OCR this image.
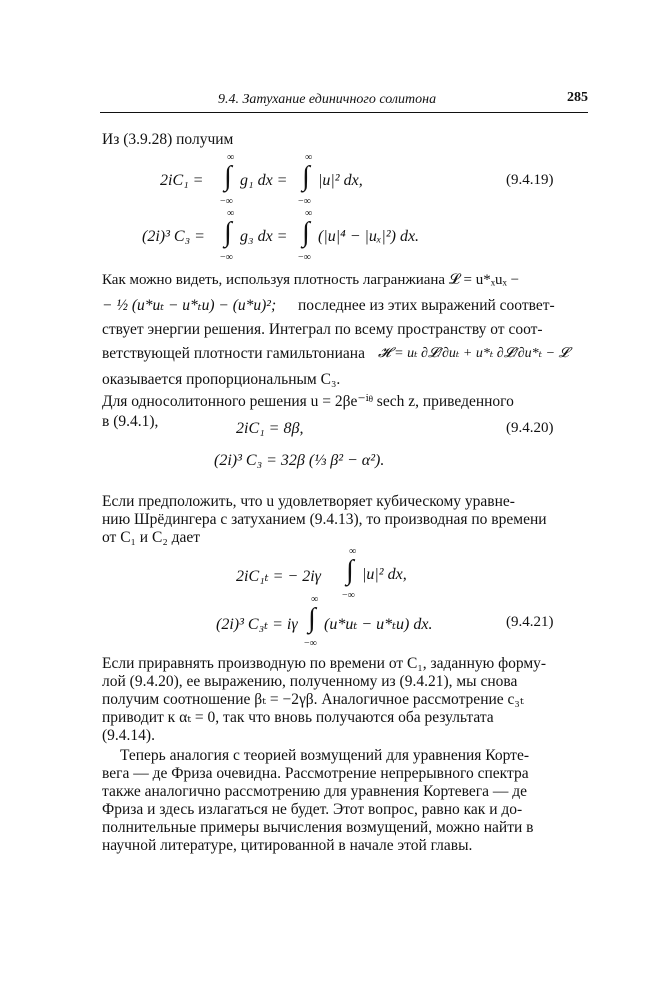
9.4. Затухание единичного солитона	285
Из (3.9.28) получим
2iC₁ = ∫
∞
−∞
g₁ dx = ∫
∞
−∞
|u|² dx,	(9.4.19)
(2i)³ C₃ = ∫
∞
−∞
g₃ dx = ∫
∞
−∞
(|u|⁴ − |uₓ|²) dx.
Как можно видеть, используя плотность лагранжиана 𝓛 = u*ₓuₓ −
− ½ (u*uₜ − u*ₜu) − (u*u)²; последнее из этих выражений соответ-
ствует энергии решения. Интеграл по всему пространству от соот-
ветствующей плотности гамильтониана 𝓗 = uₜ ∂𝓛/∂uₜ + u*ₜ ∂𝓛/∂u*ₜ − 𝓛
оказывается пропорциональным C₃.
Для односолитонного решения u = 2βe⁻ⁱᶿ sech z, приведенного
в (9.4.1),	2iC₁ = 8β,	(9.4.20)
(2i)³ C₃ = 32β (⅓ β² − α²).
Если предположить, что u удовлетворяет кубическому уравне-
нию Шрёдингера с затуханием (9.4.13), то производная по времени
от C₁ и C₂ дает
2iC₁ₜ = − 2iγ ∫
∞
−∞
|u|² dx,
(2i)³ C₃ₜ = iγ ∫
∞
−∞
(u*uₜ − u*ₜu) dx.	(9.4.21)
Если приравнять производную по времени от C₁, заданную форму-
лой (9.4.20), ее выражению, полученному из (9.4.21), мы снова
получим соотношение βₜ = −2γβ. Аналогичное рассмотрение c₃ₜ
приводит к αₜ = 0, так что вновь получаются оба результата
(9.4.14).
Теперь аналогия с теорией возмущений для уравнения Корте-
вега — де Фриза очевидна. Рассмотрение непрерывного спектра
также аналогично рассмотрению для уравнения Кортевега — де
Фриза и здесь излагаться не будет. Этот вопрос, равно как и до-
полнительные примеры вычисления возмущений, можно найти в
научной литературе, цитированной в начале этой главы.
